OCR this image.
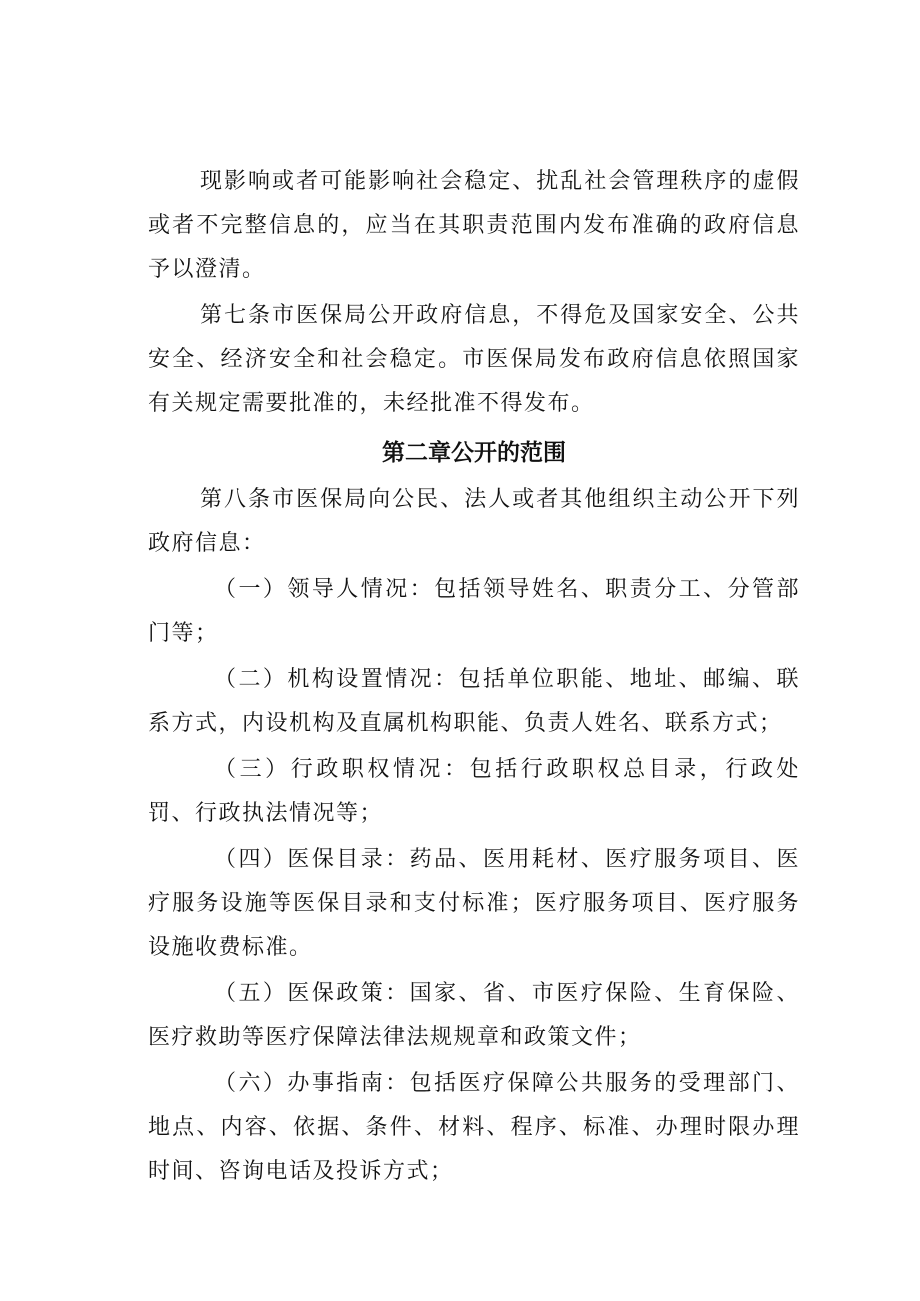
现影响或者可能影响社会稳定、扰乱社会管理秩序的虚假或者不完整信息的，应当在其职责范围内发布准确的政府信息予以澄清。

第七条市医保局公开政府信息，不得危及国家安全、公共安全、经济安全和社会稳定。市医保局发布政府信息依照国家有关规定需要批准的，未经批准不得发布。

第二章公开的范围

第八条市医保局向公民、法人或者其他组织主动公开下列政府信息：

（一）领导人情况：包括领导姓名、职责分工、分管部门等；

（二）机构设置情况：包括单位职能、地址、邮编、联系方式，内设机构及直属机构职能、负责人姓名、联系方式；

（三）行政职权情况：包括行政职权总目录，行政处罚、行政执法情况等；

（四）医保目录：药品、医用耗材、医疗服务项目、医疗服务设施等医保目录和支付标准；医疗服务项目、医疗服务设施收费标准。

（五）医保政策：国家、省、市医疗保险、生育保险、医疗救助等医疗保障法律法规规章和政策文件；

（六）办事指南：包括医疗保障公共服务的受理部门、地点、内容、依据、条件、材料、程序、标准、办理时限办理时间、咨询电话及投诉方式；
